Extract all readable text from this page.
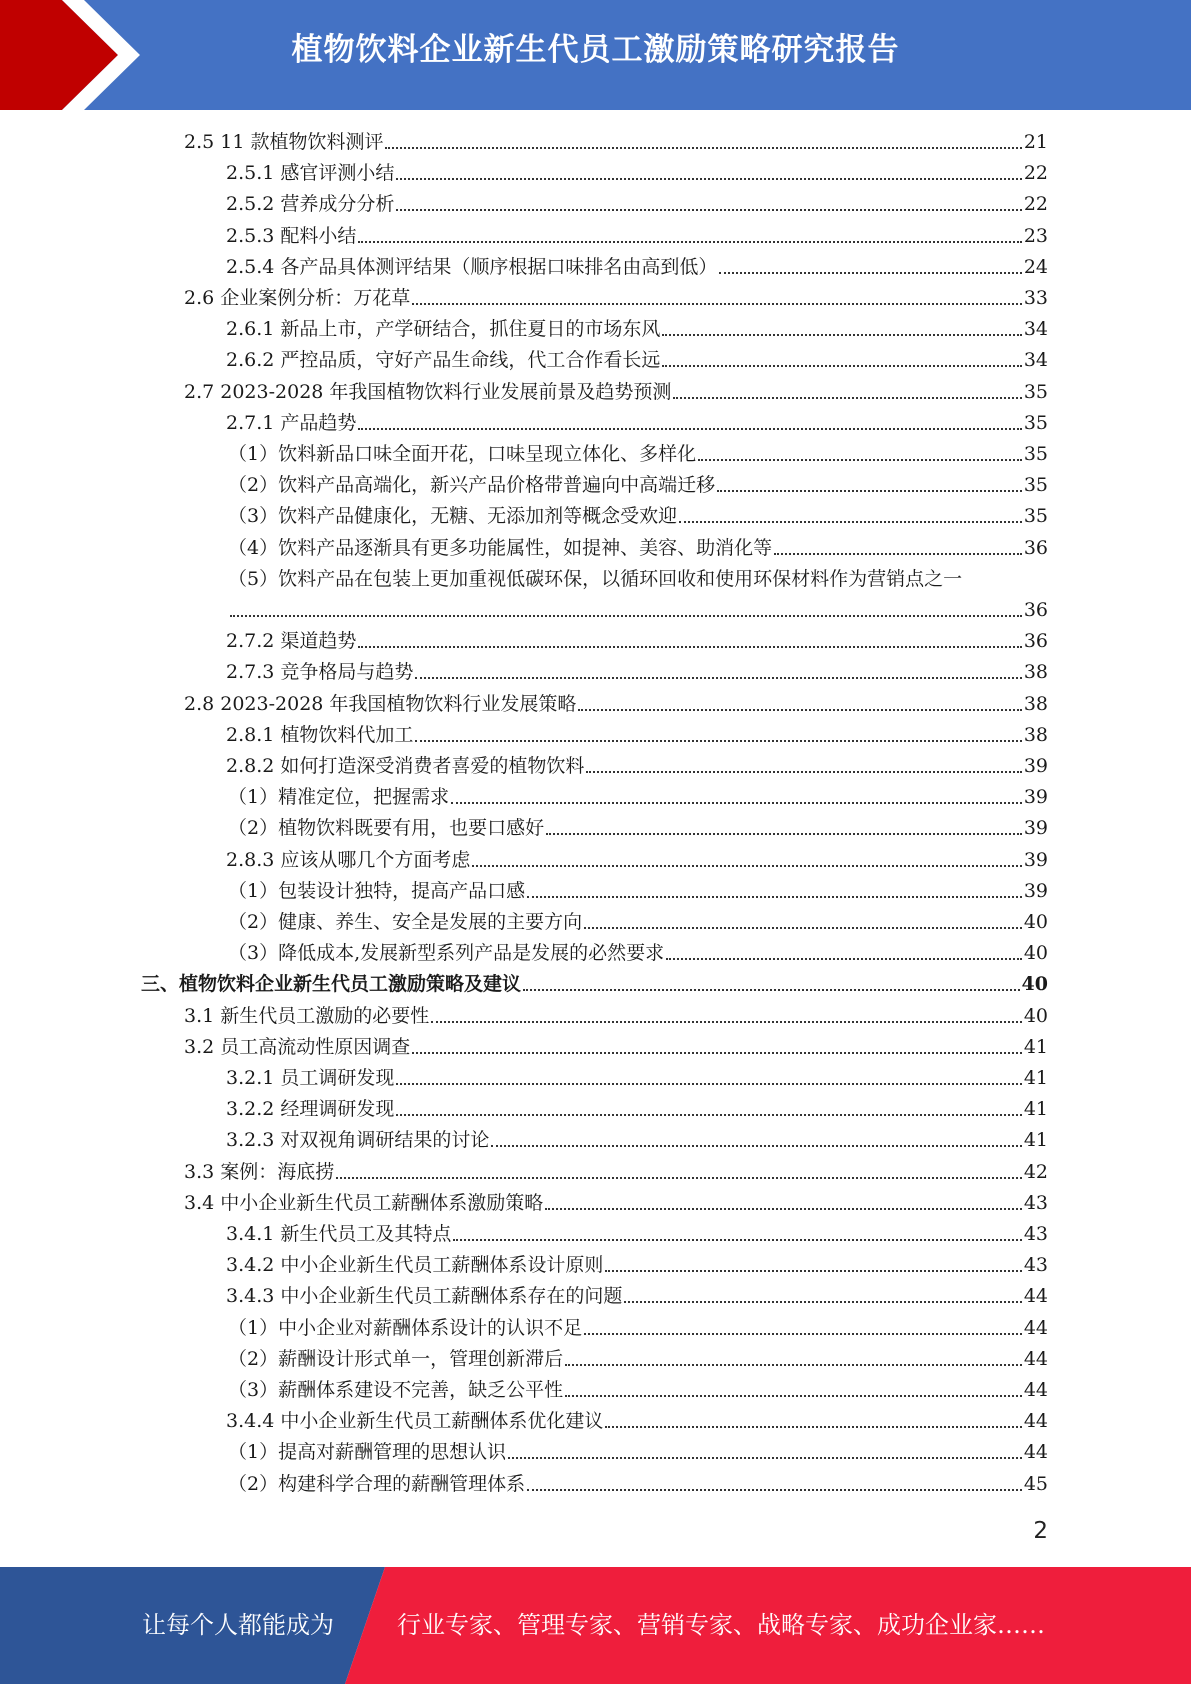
植物饮料企业新生代员工激励策略研究报告
2.5 11 款植物饮料测评	21
2.5.1 感官评测小结	22
2.5.2 营养成分分析	22
2.5.3 配料小结	23
2.5.4 各产品具体测评结果（顺序根据口味排名由高到低）	24
2.6 企业案例分析：万花草	33
2.6.1 新品上市，产学研结合，抓住夏日的市场东风	34
2.6.2 严控品质，守好产品生命线，代工合作看长远	34
2.7 2023-2028 年我国植物饮料行业发展前景及趋势预测	35
2.7.1 产品趋势	35
（1）饮料新品口味全面开花，口味呈现立体化、多样化	35
（2）饮料产品高端化，新兴产品价格带普遍向中高端迁移	35
（3）饮料产品健康化，无糖、无添加剂等概念受欢迎	35
（4）饮料产品逐渐具有更多功能属性，如提神、美容、助消化等	36
（5）饮料产品在包装上更加重视低碳环保，以循环回收和使用环保材料作为营销点之一
36
2.7.2 渠道趋势	36
2.7.3 竞争格局与趋势	38
2.8 2023-2028 年我国植物饮料行业发展策略	38
2.8.1 植物饮料代加工	38
2.8.2 如何打造深受消费者喜爱的植物饮料	39
（1）精准定位，把握需求	39
（2）植物饮料既要有用，也要口感好	39
2.8.3 应该从哪几个方面考虑	39
（1）包装设计独特，提高产品口感	39
（2）健康、养生、安全是发展的主要方向	40
（3）降低成本,发展新型系列产品是发展的必然要求	40
三、植物饮料企业新生代员工激励策略及建议	40
3.1 新生代员工激励的必要性	40
3.2 员工高流动性原因调查	41
3.2.1 员工调研发现	41
3.2.2 经理调研发现	41
3.2.3 对双视角调研结果的讨论	41
3.3 案例：海底捞	42
3.4 中小企业新生代员工薪酬体系激励策略	43
3.4.1 新生代员工及其特点	43
3.4.2 中小企业新生代员工薪酬体系设计原则	43
3.4.3 中小企业新生代员工薪酬体系存在的问题	44
（1）中小企业对薪酬体系设计的认识不足	44
（2）薪酬设计形式单一，管理创新滞后	44
（3）薪酬体系建设不完善，缺乏公平性	44
3.4.4 中小企业新生代员工薪酬体系优化建议	44
（1）提高对薪酬管理的思想认识	44
（2）构建科学合理的薪酬管理体系	45
2
让每个人都能成为	行业专家、管理专家、营销专家、战略专家、成功企业家……
